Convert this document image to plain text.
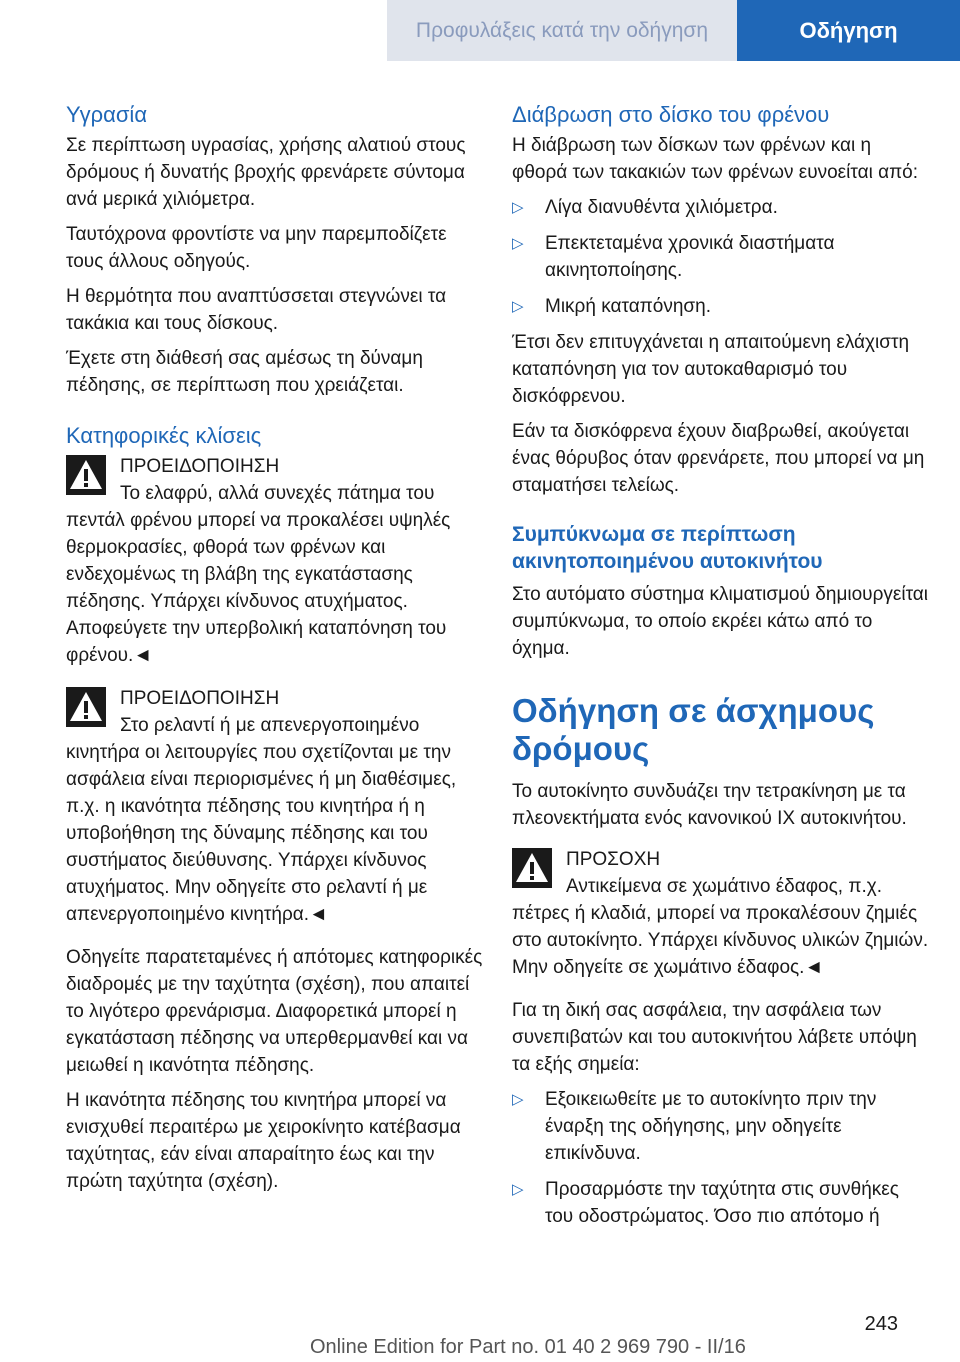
Προφυλάξεις κατά την οδήγηση	Οδήγηση
Υγρασία

Σε περίπτωση υγρασίας, χρήσης αλατιού στους δρόμους ή δυνατής βροχής φρενάρετε σύντομα ανά μερικά χιλιόμετρα.

Ταυτόχρονα φροντίστε να μην παρεμποδίζετε τους άλλους οδηγούς.

Η θερμότητα που αναπτύσσεται στεγνώνει τα τακάκια και τους δίσκους.

Έχετε στη διάθεσή σας αμέσως τη δύναμη πέδησης, σε περίπτωση που χρειάζεται.

Κατηφορικές κλίσεις
ΠΡΟΕΙΔΟΠΟΙΗΣΗ
Το ελαφρύ, αλλά συνεχές πάτημα του πεντάλ φρένου μπορεί να προκαλέσει υψηλές θερμοκρασίες, φθορά των φρένων και ενδεχομένως τη βλάβη της εγκατάστασης πέδησης. Υπάρχει κίνδυνος ατυχήματος. Αποφεύγετε την υπερβολική καταπόνηση του φρένου.◄
ΠΡΟΕΙΔΟΠΟΙΗΣΗ
Στο ρελαντί ή με απενεργοποιημένο κινητήρα οι λειτουργίες που σχετίζονται με την ασφάλεια είναι περιορισμένες ή μη διαθέσιμες, π.χ. η ικανότητα πέδησης του κινητήρα ή η υποβοήθηση της δύναμης πέδησης και του συστήματος διεύθυνσης. Υπάρχει κίνδυνος ατυχήματος. Μην οδηγείτε στο ρελαντί ή με απενεργοποιημένο κινητήρα.◄

Οδηγείτε παρατεταμένες ή απότομες κατηφορικές διαδρομές με την ταχύτητα (σχέση), που απαιτεί το λιγότερο φρενάρισμα. Διαφορετικά μπορεί η εγκατάσταση πέδησης να υπερθερμανθεί και να μειωθεί η ικανότητα πέδησης.

Η ικανότητα πέδησης του κινητήρα μπορεί να ενισχυθεί περαιτέρω με χειροκίνητο κατέβασμα ταχύτητας, εάν είναι απαραίτητο έως και την πρώτη ταχύτητα (σχέση).

Διάβρωση στο δίσκο του φρένου

Η διάβρωση των δίσκων των φρένων και η φθορά των τακακιών των φρένων ευνοείται από:

▷ Λίγα διανυθέντα χιλιόμετρα.
▷ Επεκτεταμένα χρονικά διαστήματα ακινητοποίησης.
▷ Μικρή καταπόνηση.

Έτσι δεν επιτυγχάνεται η απαιτούμενη ελάχιστη καταπόνηση για τον αυτοκαθαρισμό του δισκόφρενου.

Εάν τα δισκόφρενα έχουν διαβρωθεί, ακούγεται ένας θόρυβος όταν φρενάρετε, που μπορεί να μη σταματήσει τελείως.

Συμπύκνωμα σε περίπτωση ακινητοποιημένου αυτοκινήτου

Στο αυτόματο σύστημα κλιματισμού δημιουργείται συμπύκνωμα, το οποίο εκρέει κάτω από το όχημα.

Οδήγηση σε άσχημους δρόμους

Το αυτοκίνητο συνδυάζει την τετρακίνηση με τα πλεονεκτήματα ενός κανονικού ΙΧ αυτοκινήτου.

ΠΡΟΣΟΧΗ
Αντικείμενα σε χωμάτινο έδαφος, π.χ. πέτρες ή κλαδιά, μπορεί να προκαλέσουν ζημιές στο αυτοκίνητο. Υπάρχει κίνδυνος υλικών ζημιών. Μην οδηγείτε σε χωμάτινο έδαφος.◄

Για τη δική σας ασφάλεια, την ασφάλεια των συνεπιβατών και του αυτοκινήτου λάβετε υπόψη τα εξής σημεία:

▷ Εξοικειωθείτε με το αυτοκίνητο πριν την έναρξη της οδήγησης, μην οδηγείτε επικίνδυνα.
▷ Προσαρμόστε την ταχύτητα στις συνθήκες του οδοστρώματος. Όσο πιο απότομο ή
243
Online Edition for Part no. 01 40 2 969 790 - II/16
